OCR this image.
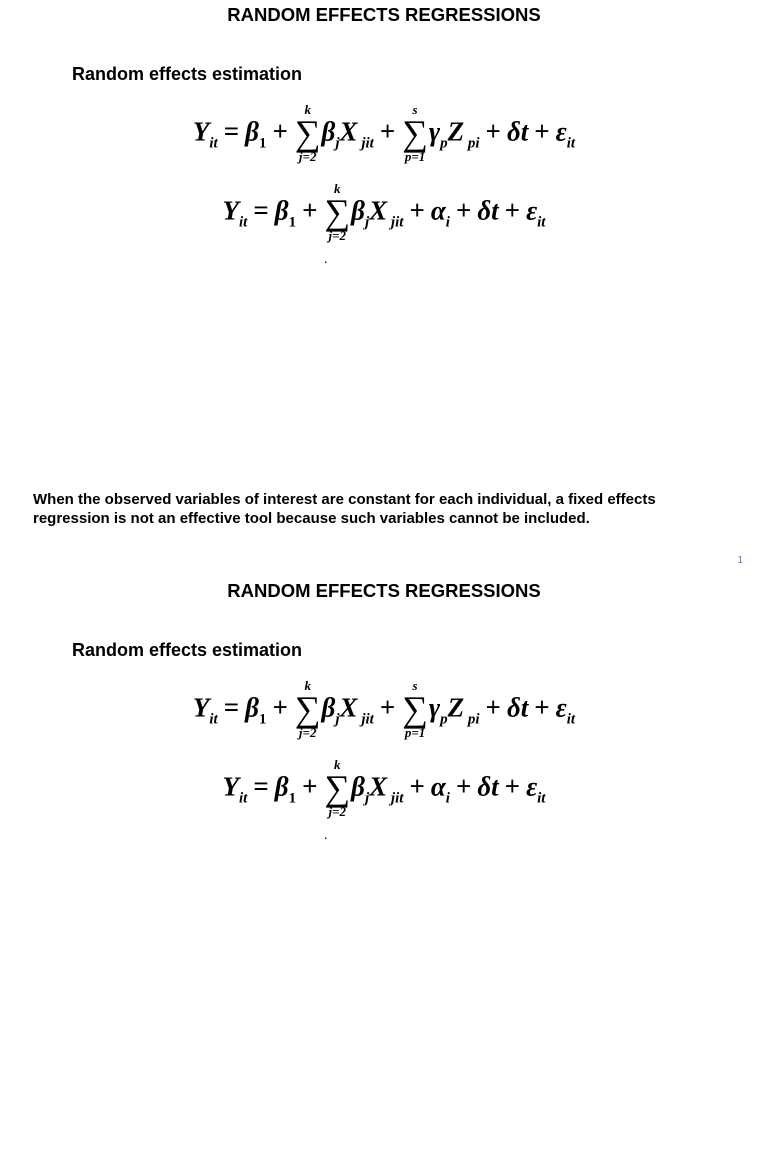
RANDOM EFFECTS REGRESSIONS
Random effects estimation
$Y_{it} = \beta_1$ +
k
∑
j=2
$\beta_jX$ $_{jit}$ +
s
∑
p=1
$\gamma_pZ$ $_{pi} + \delta t + \varepsilon_{it}$
$Y_{it} = \beta_1$ +
k
∑
j=2
$\beta_jX$ $_{jit} + \alpha_i + \delta t + \varepsilon_{it}$
.
When the observed variables of interest are constant for each individual, a fixed effects regression is not an effective tool because such variables cannot be included.
1
RANDOM EFFECTS REGRESSIONS
Random effects estimation
$Y_{it} = \beta_1$ +
k
∑
j=2
$\beta_jX$ $_{jit}$ +
s
∑
p=1
$\gamma_pZ$ $_{pi} + \delta t + \varepsilon_{it}$
$Y_{it} = \beta_1$ +
k
∑
j=2
$\beta_jX$ $_{jit} + \alpha_i + \delta t + \varepsilon_{it}$
.
